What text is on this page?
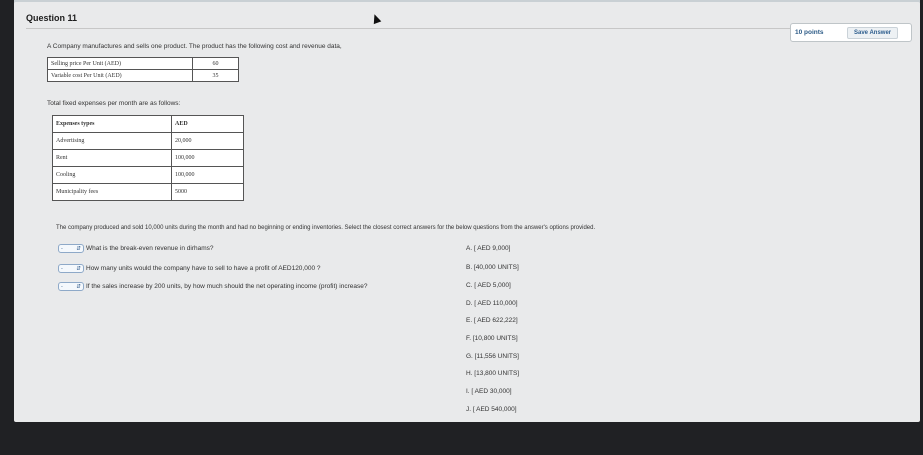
Question 11
10 points	Save Answer
A Company manufactures and sells one product. The product has the following cost and revenue data,
Selling price Per Unit (AED)	60
Variable cost Per Unit (AED)	35
Total fixed expenses per month are as follows:
Expenses types	AED
Advertising	20,000
Rent	100,000
Cooling	100,000
Municipality fees	5000
The company produced and sold 10,000 units during the month and had no beginning or ending inventories. Select the closest correct answers for the below questions from the answer's options provided.
- ⇵ What is the break-even revenue in dirhams?
- ⇵ How many units would the company have to sell to have a profit of AED120,000 ?
- ⇵ If the sales increase by 200 units, by how much should the net operating income (profit) increase?
A. [ AED 9,000]
B. [40,000 UNITS]
C. [ AED 5,000]
D. [ AED 110,000]
E. [ AED 622,222]
F. [10,800 UNITS]
G. [11,556 UNITS]
H. [13,800 UNITS]
I. [ AED 30,000]
J. [ AED 540,000]
